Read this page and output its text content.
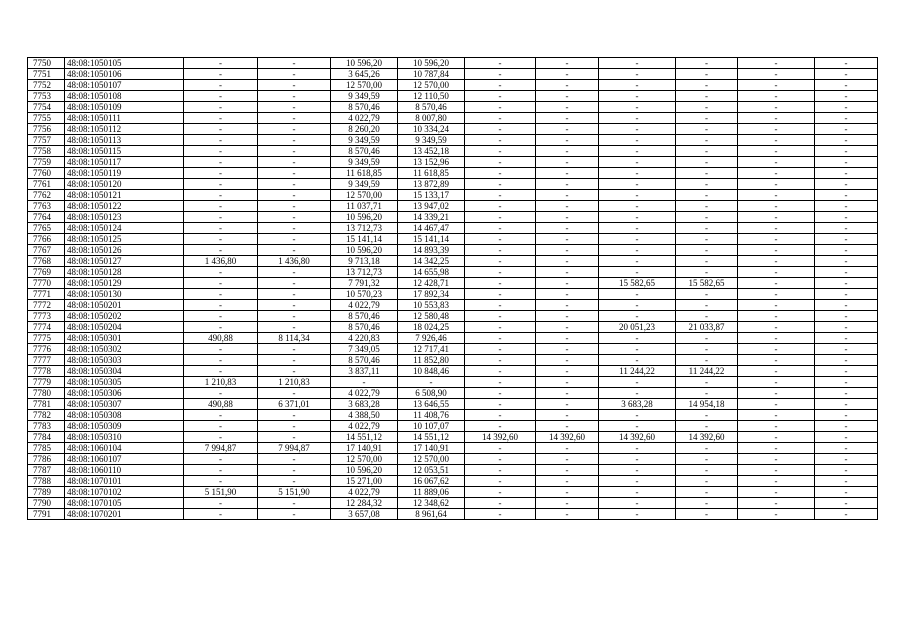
7750	48:08:1050105	-	-	10 596,20	10 596,20	-	-	-	-	-	-
7751	48:08:1050106	-	-	3 645,26	10 787,84	-	-	-	-	-	-
7752	48:08:1050107	-	-	12 570,00	12 570,00	-	-	-	-	-	-
7753	48:08:1050108	-	-	9 349,59	12 110,50	-	-	-	-	-	-
7754	48:08:1050109	-	-	8 570,46	8 570,46	-	-	-	-	-	-
7755	48:08:1050111	-	-	4 022,79	8 007,80	-	-	-	-	-	-
7756	48:08:1050112	-	-	8 260,20	10 334,24	-	-	-	-	-	-
7757	48:08:1050113	-	-	9 349,59	9 349,59	-	-	-	-	-	-
7758	48:08:1050115	-	-	8 570,46	13 452,18	-	-	-	-	-	-
7759	48:08:1050117	-	-	9 349,59	13 152,96	-	-	-	-	-	-
7760	48:08:1050119	-	-	11 618,85	11 618,85	-	-	-	-	-	-
7761	48:08:1050120	-	-	9 349,59	13 872,89	-	-	-	-	-	-
7762	48:08:1050121	-	-	12 570,00	15 133,17	-	-	-	-	-	-
7763	48:08:1050122	-	-	11 037,71	13 947,02	-	-	-	-	-	-
7764	48:08:1050123	-	-	10 596,20	14 339,21	-	-	-	-	-	-
7765	48:08:1050124	-	-	13 712,73	14 467,47	-	-	-	-	-	-
7766	48:08:1050125	-	-	15 141,14	15 141,14	-	-	-	-	-	-
7767	48:08:1050126	-	-	10 596,20	14 893,39	-	-	-	-	-	-
7768	48:08:1050127	1 436,80	1 436,80	9 713,18	14 342,25	-	-	-	-	-	-
7769	48:08:1050128	-	-	13 712,73	14 655,98	-	-	-	-	-	-
7770	48:08:1050129	-	-	7 791,32	12 428,71	-	-	15 582,65	15 582,65	-	-
7771	48:08:1050130	-	-	10 570,23	17 892,34	-	-	-	-	-	-
7772	48:08:1050201	-	-	4 022,79	10 553,83	-	-	-	-	-	-
7773	48:08:1050202	-	-	8 570,46	12 580,48	-	-	-	-	-	-
7774	48:08:1050204	-	-	8 570,46	18 024,25	-	-	20 051,23	21 033,87	-	-
7775	48:08:1050301	490,88	8 114,34	4 220,83	7 926,46	-	-	-	-	-	-
7776	48:08:1050302	-	-	7 349,05	12 717,41	-	-	-	-	-	-
7777	48:08:1050303	-	-	8 570,46	11 852,80	-	-	-	-	-	-
7778	48:08:1050304	-	-	3 837,11	10 848,46	-	-	11 244,22	11 244,22	-	-
7779	48:08:1050305	1 210,83	1 210,83	-	-	-	-	-	-	-	-
7780	48:08:1050306	-	-	4 022,79	6 508,90	-	-	-	-	-	-
7781	48:08:1050307	490,88	6 371,01	3 683,28	13 646,55	-	-	3 683,28	14 954,18	-	-
7782	48:08:1050308	-	-	4 388,50	11 408,76	-	-	-	-	-	-
7783	48:08:1050309	-	-	4 022,79	10 107,07	-	-	-	-	-	-
7784	48:08:1050310	-	-	14 551,12	14 551,12	14 392,60	14 392,60	14 392,60	14 392,60	-	-
7785	48:08:1060104	7 994,87	7 994,87	17 140,91	17 140,91	-	-	-	-	-	-
7786	48:08:1060107	-	-	12 570,00	12 570,00	-	-	-	-	-	-
7787	48:08:1060110	-	-	10 596,20	12 053,51	-	-	-	-	-	-
7788	48:08:1070101	-	-	15 271,00	16 067,62	-	-	-	-	-	-
7789	48:08:1070102	5 151,90	5 151,90	4 022,79	11 889,06	-	-	-	-	-	-
7790	48:08:1070105	-	-	12 284,32	12 348,62	-	-	-	-	-	-
7791	48:08:1070201	-	-	3 657,08	8 961,64	-	-	-	-	-	-
